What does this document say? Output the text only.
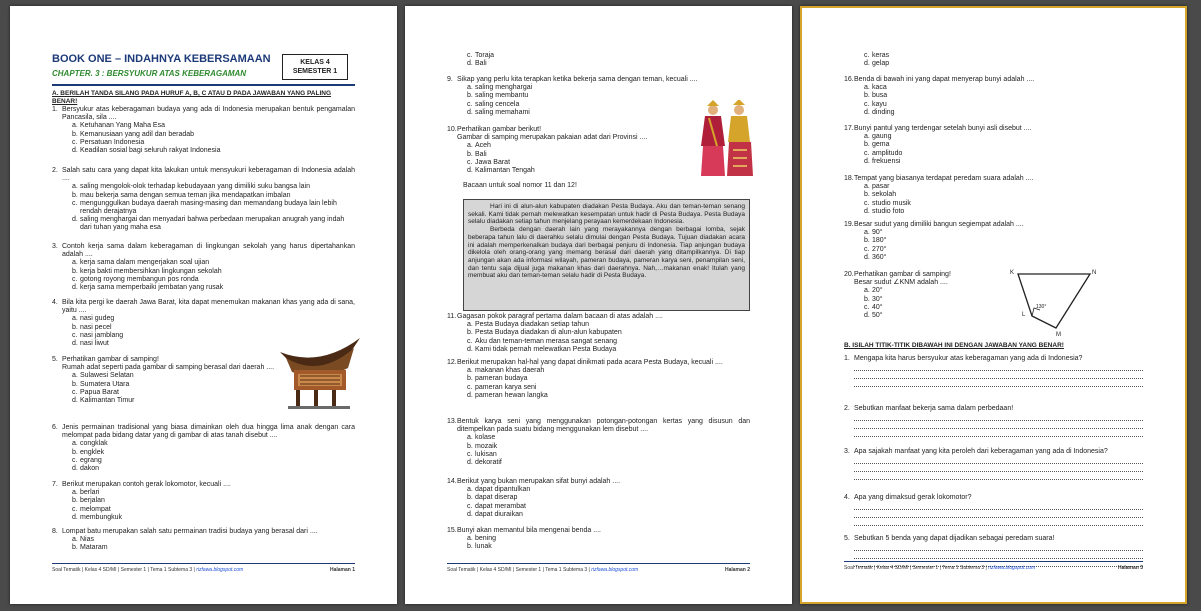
BOOK ONE – INDAHNYA KEBERSAMAAN
CHAPTER. 3 : BERSYUKUR ATAS KEBERAGAMAN
KELAS 4
SEMESTER 1
A. BERILAH TANDA SILANG PADA HURUF A, B, C ATAU D PADA JAWABAN YANG PALING BENAR!
1. Bersyukur atas keberagaman budaya yang ada di Indonesia merupakan bentuk pengamalan Pancasila, sila ....
a. Ketuhanan Yang Maha Esa
b. Kemanusiaan yang adil dan beradab
c. Persatuan Indonesia
d. Keadilan sosial bagi seluruh rakyat Indonesia
2. Salah satu cara yang dapat kita lakukan untuk mensyukuri keberagaman di Indonesia adalah ....
a. saling mengolok-olok terhadap kebudayaan yang dimiliki suku bangsa lain
b. mau bekerja sama dengan semua teman jika mendapatkan imbalan
c. mengunggulkan budaya daerah masing-masing dan memandang budaya lain lebih rendah derajatnya
d. saling menghargai dan menyadari bahwa perbedaan merupakan anugrah yang indah dari tuhan yang maha esa
3. Contoh kerja sama dalam keberagaman di lingkungan sekolah yang harus dipertahankan adalah ....
a. kerja sama dalam mengerjakan soal ujian
b. kerja bakti membersihkan lingkungan sekolah
c. gotong royong membangun pos ronda
d. kerja sama memperbaiki jembatan yang rusak
4. Bila kita pergi ke daerah Jawa Barat, kita dapat menemukan makanan khas yang ada di sana, yaitu ....
a. nasi gudeg
b. nasi pecel
c. nasi jamblang
d. nasi liwut
5. Perhatikan gambar di samping!
Rumah adat seperti pada gambar di samping berasal dari daerah ....
a. Sulawesi Selatan
b. Sumatera Utara
c. Papua Barat
d. Kalimantan Timur
6. Jenis permainan tradisional yang biasa dimainkan oleh dua hingga lima anak dengan cara melompat pada bidang datar yang di gambar di atas tanah disebut ....
a. congklak
b. engklek
c. egrang
d. dakon
7. Berikut merupakan contoh gerak lokomotor, kecuali ....
a. berlari
b. berjalan
c. melompat
d. membungkuk
8. Lompat batu merupakan salah satu permainan tradisi budaya yang berasal dari ....
a. Nias
b. Mataram
Soal Tematik | Kelas 4 SD/MI | Semester 1 | Tema 1 Subtema 3 | rizfawa.blogspot.com	Halaman 1
c. Toraja
d. Bali
9. Sikap yang perlu kita terapkan ketika bekerja sama dengan teman, kecuali ....
a. saling menghargai
b. saling membantu
c. saling cencela
d. saling memahami
10. Perhatikan gambar berikut!
Gambar di samping merupakan pakaian adat dari Provinsi ....
a. Aceh
b. Bali
c. Jawa Barat
d. Kalimantan Tengah
11. Gagasan pokok paragraf pertama dalam bacaan di atas adalah ....
a. Pesta Budaya diadakan setiap tahun
b. Pesta Budaya diadakan di alun-alun kabupaten
c. Aku dan teman-teman merasa sangat senang
d. Kami tidak pernah melewatkan Pesta Budaya
12. Berikut merupakan hal-hal yang dapat dinikmati pada acara Pesta Budaya, kecuali ....
a. makanan khas daerah
b. pameran budaya
c. pameran karya seni
d. pameran hewan langka
13. Bentuk karya seni yang menggunakan potongan-potongan kertas yang disusun dan ditempelkan pada suatu bidang menggunakan lem disebut ....
a. kolase
b. mozaik
c. lukisan
d. dekoratif
14. Berikut yang bukan merupakan sifat bunyi adalah ....
a. dapat dipantulkan
b. dapat diserap
c. dapat merambat
d. dapat diuraikan
15. Bunyi akan memantul bila mengenai benda ....
a. bening
b. lunak
Bacaan untuk soal nomor 11 dan 12!
Hari ini di alun-alun kabupaten diadakan Pesta Budaya. Aku dan teman-teman senang sekali. Kami tidak pernah melewatkan kesempatan untuk hadir di Pesta Budaya. Pesta Budaya selalu diadakan setiap tahun menjelang perayaan kemerdekaan Indonesia.
Berbeda dengan daerah lain yang merayakannya dengan berbagai lomba, sejak beberapa tahun lalu di daerahku selalu dimulai dengan Pesta Budaya. Tujuan diadakan acara ini adalah memperkenalkan budaya dari berbagai penjuru di Indonesia. Tiap anjungan budaya dikelola oleh orang-orang yang memang berasal dari daerah yang ditampilkannya. Di tiap anjungan akan ada informasi wilayah, pameran budaya, pameran karya seni, penampilan seni, dan tentu saja dijual juga makanan khas dari daerahnya. Nah,…makanan enak! Itulah yang membuat aku dan teman-teman selalu hadir di Pesta Budaya.
Soal Tematik | Kelas 4 SD/MI | Semester 1 | Tema 1 Subtema 3 | rizfawa.blogspot.com	Halaman 2
c. keras
d. gelap
16. Benda di bawah ini yang dapat menyerap bunyi adalah ....
a. kaca
b. busa
c. kayu
d. dinding
17. Bunyi pantul yang terdengar setelah bunyi asli disebut ....
a. gaung
b. gema
c. amplitudo
d. frekuensi
18. Tempat yang biasanya terdapat peredam suara adalah ....
a. pasar
b. sekolah
c. studio musik
d. studio foto
19. Besar sudut yang dimiliki bangun segiempat adalah ....
a. 90°
b. 180°
c. 270°
d. 360°
20. Perhatikan gambar di samping!
Besar sudut ∠KNM adalah ....
a. 20°
b. 30°
c. 40°
d. 50°
K	N
L
M
130°
B. ISILAH TITIK-TITIK DIBAWAH INI DENGAN JAWABAN YANG BENAR!
1. Mengapa kita harus bersyukur atas keberagaman yang ada di Indonesia?
2. Sebutkan manfaat bekerja sama dalam perbedaan!
3. Apa sajakah manfaat yang kita peroleh dari keberagaman yang ada di Indonesia?
4. Apa yang dimaksud gerak lokomotor?
5. Sebutkan 5 benda yang dapat dijadikan sebagai peredam suara!
Soal Tematik | Kelas 4 SD/MI | Semester 1 | Tema 1 Subtema 3 | rizfawa.blogspot.com	Halaman 3
